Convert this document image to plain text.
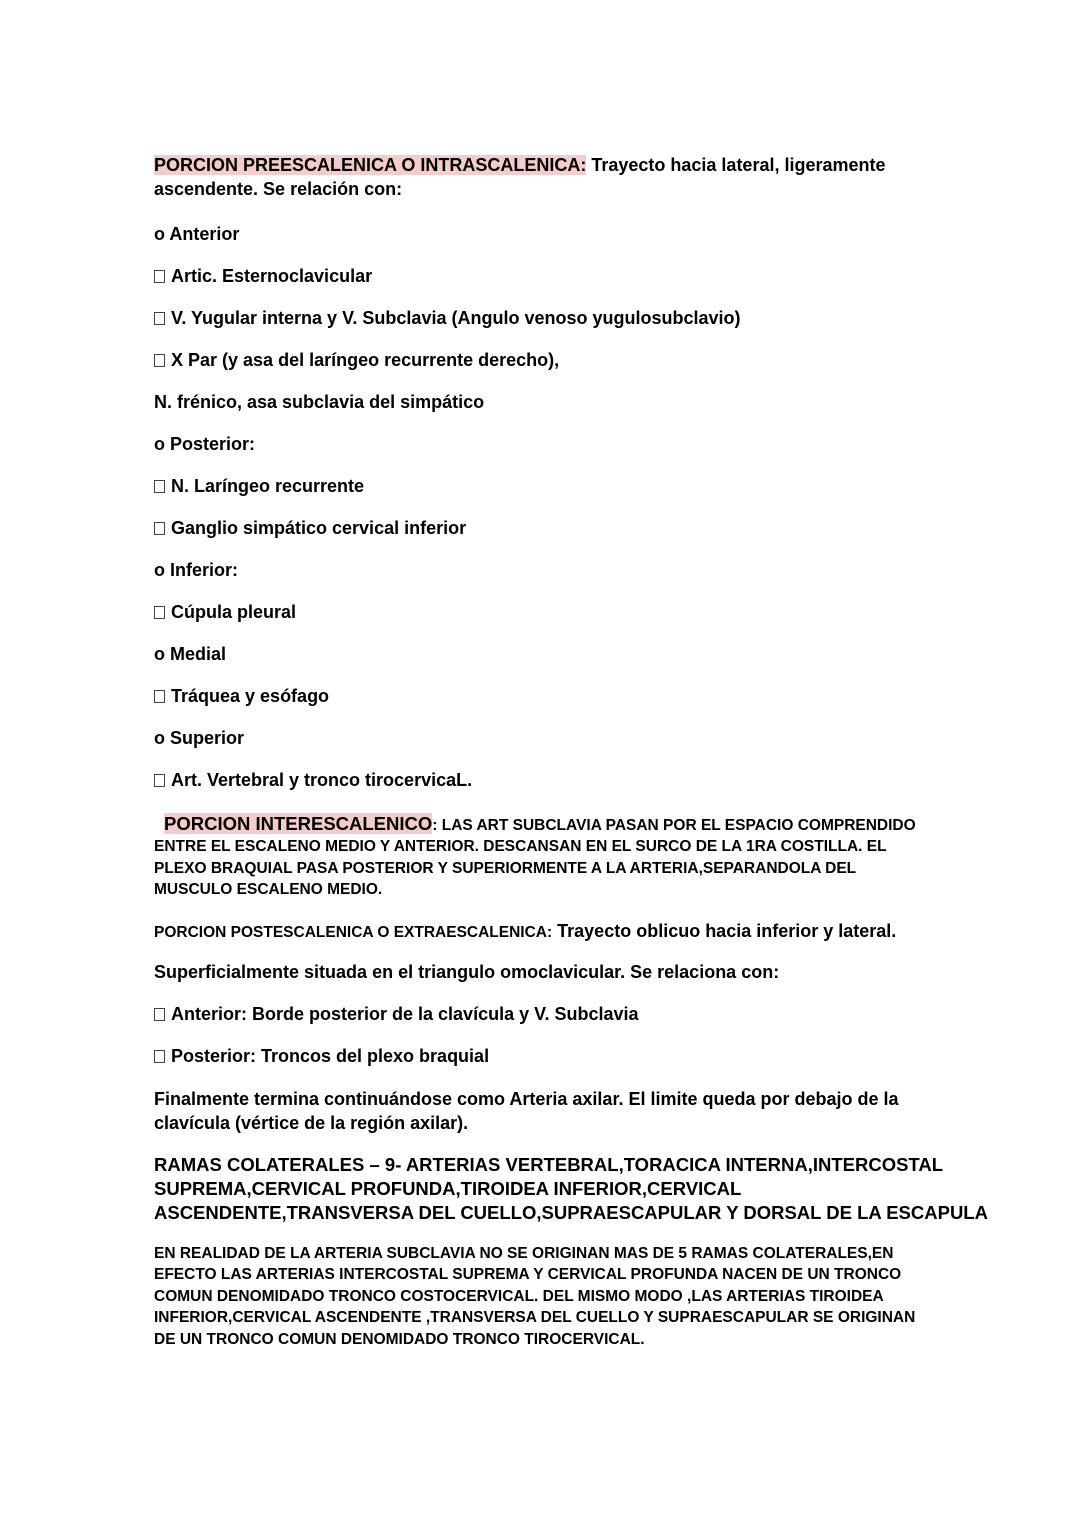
PORCION PREESCALENICA O INTRASCALENICA: Trayecto hacia lateral, ligeramente
ascendente. Se relación con:
o Anterior
Artic. Esternoclavicular
V. Yugular interna y V. Subclavia (Angulo venoso yugulosubclavio)
X Par (y asa del laríngeo recurrente derecho),
N. frénico, asa subclavia del simpático
o Posterior:
N. Laríngeo recurrente
Ganglio simpático cervical inferior
o Inferior:
Cúpula pleural
o Medial
Tráquea y esófago
o Superior
Art. Vertebral y tronco tirocervicaL.
PORCION INTERESCALENICO: LAS ART SUBCLAVIA PASAN POR EL ESPACIO COMPRENDIDO
ENTRE EL ESCALENO MEDIO Y ANTERIOR. DESCANSAN EN EL SURCO DE LA 1RA COSTILLA. EL
PLEXO BRAQUIAL PASA POSTERIOR Y SUPERIORMENTE A LA ARTERIA,SEPARANDOLA DEL
MUSCULO ESCALENO MEDIO.
PORCION POSTESCALENICA O EXTRAESCALENICA: Trayecto oblicuo hacia inferior y lateral.
Superficialmente situada en el triangulo omoclavicular. Se relaciona con:
Anterior: Borde posterior de la clavícula y V. Subclavia
Posterior: Troncos del plexo braquial
Finalmente termina continuándose como Arteria axilar. El limite queda por debajo de la
clavícula (vértice de la región axilar).
RAMAS COLATERALES – 9- ARTERIAS VERTEBRAL,TORACICA INTERNA,INTERCOSTAL
SUPREMA,CERVICAL PROFUNDA,TIROIDEA INFERIOR,CERVICAL
ASCENDENTE,TRANSVERSA DEL CUELLO,SUPRAESCAPULAR Y DORSAL DE LA ESCAPULA
EN REALIDAD DE LA ARTERIA SUBCLAVIA NO SE ORIGINAN MAS DE 5 RAMAS COLATERALES,EN
EFECTO LAS ARTERIAS INTERCOSTAL SUPREMA Y CERVICAL PROFUNDA NACEN DE UN TRONCO
COMUN DENOMIDADO TRONCO COSTOCERVICAL. DEL MISMO MODO ,LAS ARTERIAS TIROIDEA
INFERIOR,CERVICAL ASCENDENTE ,TRANSVERSA DEL CUELLO Y SUPRAESCAPULAR SE ORIGINAN
DE UN TRONCO COMUN DENOMIDADO TRONCO TIROCERVICAL.
